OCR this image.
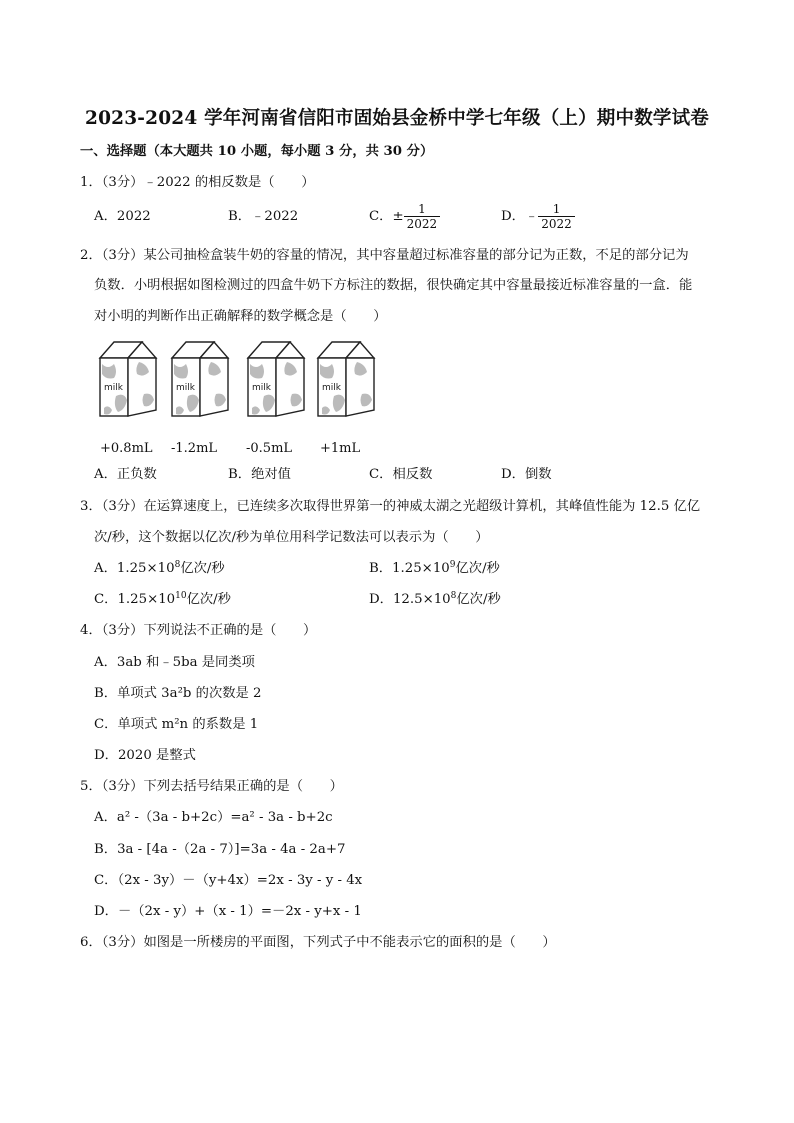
2023-2024 学年河南省信阳市固始县金桥中学七年级（上）期中数学试卷
一、选择题（本大题共 10 小题，每小题 3 分，共 30 分）
1．（3分）﹣2022 的相反数是（　　）
A．2022	B．﹣2022	C．± $\frac{1}{2022}$	D．﹣ $\frac{1}{2022}$
2．（3分）某公司抽检盒装牛奶的容量的情况，其中容量超过标准容量的部分记为正数，不足的部分记为
负数．小明根据如图检测过的四盒牛奶下方标注的数据，很快确定其中容量最接近标准容量的一盒．能
对小明的判断作出正确解释的数学概念是（　　）
milk	milk	milk	milk
+0.8mL -1.2mL -0.5mL +1mL
A．正负数	B．绝对值	C．相反数	D．倒数
3．（3分）在运算速度上，已连续多次取得世界第一的神威太湖之光超级计算机，其峰值性能为 12.5 亿亿
次/秒，这个数据以亿次/秒为单位用科学记数法可以表示为（　　）
A．$1.25\times 10^8$亿次/秒	B．$1.25\times 10^9$亿次/秒
C．$1.25\times 10^{10}$亿次/秒	D．$12.5\times 10^8$亿次/秒
4．（3分）下列说法不正确的是（　　）
A．3ab 和﹣5ba 是同类项
B．单项式 3a²b 的次数是 2
C．单项式 m²n 的系数是 1
D．2020 是整式
5．（3分）下列去括号结果正确的是（　　）
A．a² -（3a - b+2c）=a² - 3a - b+2c
B．3a - [4a -（2a - 7）]=3a - 4a - 2a+7
C．（2x - 3y）－（y+4x）=2x - 3y - y - 4x
D．－（2x - y）+（x - 1）=－2x - y+x - 1
6．（3分）如图是一所楼房的平面图，下列式子中不能表示它的面积的是（　　）
